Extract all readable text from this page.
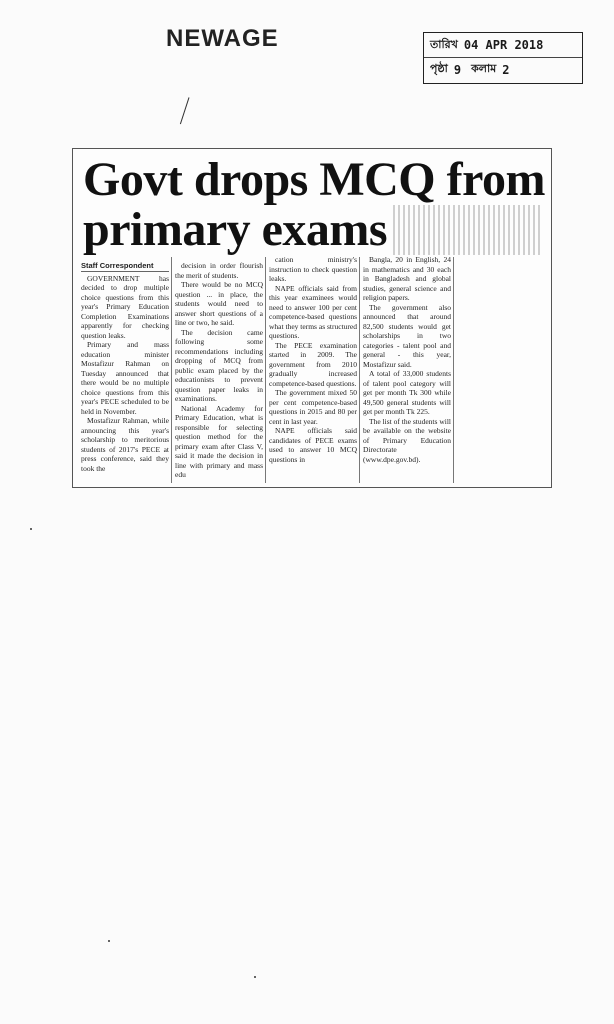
NEWAGE	তারিখ 04 APR 2018
পৃষ্ঠা 9 কলাম 2
Govt drops MCQ from
primary exams

Staff Correspondent

GOVERNMENT has decided to drop multiple choice questions from this year's Primary Education Completion Examinations apparently for checking question leaks.

Primary and mass education minister Mostafizur Rahman on Tuesday announced that there would be no multiple choice questions from this year's PECE scheduled to be held in November.

Mostafizur Rahman, while announcing this year's scholarship to meritorious students of 2017's PECE at press conference, said they took the

decision in order flourish the merit of students.

There would be no MCQ question ... in place, the students would need to answer short questions of a line or two, he said.

The decision came following some recommendations including dropping of MCQ from public exam placed by the educationists to prevent question paper leaks in examinations.

National Academy for Primary Education, what is responsible for selecting question method for the primary exam after Class V, said it made the decision in line with primary and mass edu

cation ministry's instruction to check question leaks.

NAPE officials said from this year examinees would need to answer 100 per cent competence-based questions what they terms as structured questions.

The PECE examination started in 2009. The government from 2010 gradually increased competence-based questions.

The government mixed 50 per cent competence-based questions in 2015 and 80 per cent in last year.

NAPE officials said candidates of PECE exams used to answer 10 MCQ questions in

Bangla, 20 in English, 24 in mathematics and 30 each in Bangladesh and global studies, general science and religion papers.

The government also announced that around 82,500 students would get scholarships in two categories - talent pool and general - this year, Mostafizur said.

A total of 33,000 students of talent pool category will get per month Tk 300 while 49,500 general students will get per month Tk 225.

The list of the students will be available on the website of Primary Education Directorate (www.dpe.gov.bd).
